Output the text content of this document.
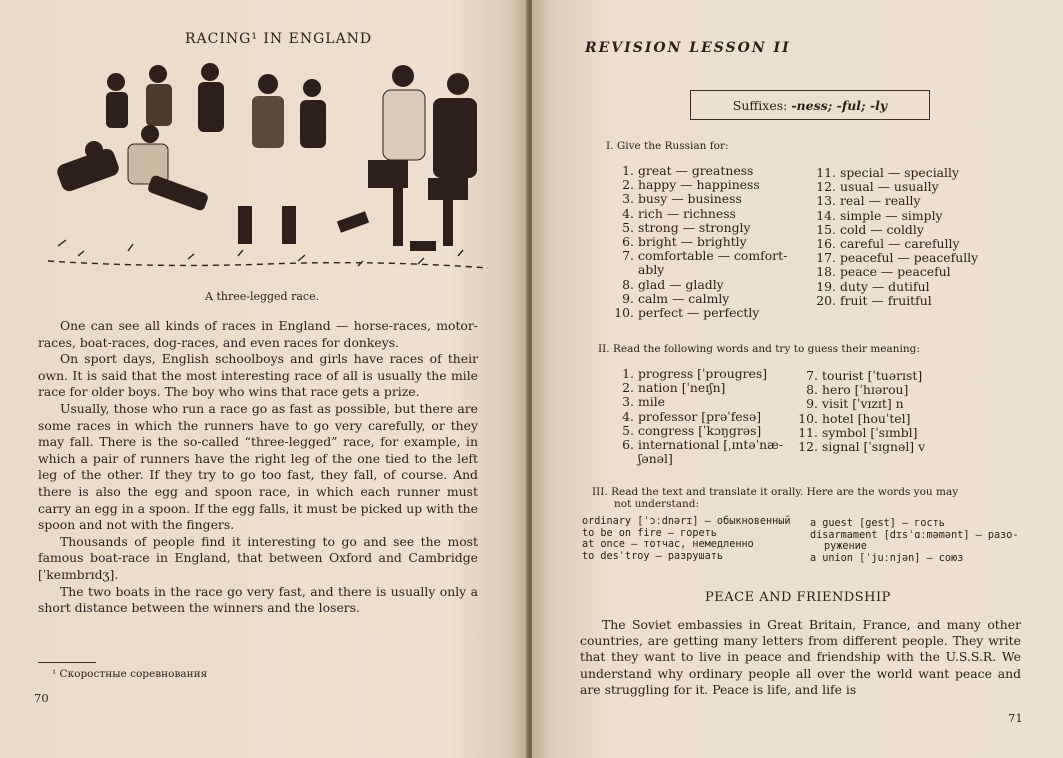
RACING¹ IN ENGLAND
A three-legged race.

One can see all kinds of races in England — horse-races, motor-races, boat-races, dog-races, and even races for donkeys.

On sport days, English schoolboys and girls have races of their own. It is said that the most interesting race of all is usually the mile race for older boys. The boy who wins that race gets a prize.

Usually, those who run a race go as fast as possible, but there are some races in which the runners have to go very carefully, or they may fall. There is the so-called “three-legged” race, for example, in which a pair of runners have the right leg of the one tied to the left leg of the other. If they try to go too fast, they fall, of course. And there is also the egg and spoon race, in which each runner must carry an egg in a spoon. If the egg falls, it must be picked up with the spoon and not with the fingers.

Thousands of people find it interesting to go and see the most famous boat-race in England, that between Oxford and Cambridge [ˈkeɪmbrɪdʒ].

The two boats in the race go very fast, and there is usually only a short distance between the winners and the losers.

¹ Скоростные соревнования
70
REVISION LESSON II
Suffixes: -ness; -ful; -ly
I. Give the Russian for:
1. great — greatness
2. happy — happiness
3. busy — business
4. rich — richness
5. strong — strongly
6. bright — brightly
7. comfortable — comfort-
ably
8. glad — gladly
9. calm — calmly
10. perfect — perfectly
11. special — specially
12. usual — usually
13. real — really
14. simple — simply
15. cold — coldly
16. careful — carefully
17. peaceful — peacefully
18. peace — peaceful
19. duty — dutiful
20. fruit — fruitful
II. Read the following words and try to guess their meaning:
1. progress [ˈprougres]
2. nation [ˈneɪʃn]
3. mile
4. professor [prəˈfesə]
5. congress [ˈkɔŋgrəs]
6. international [ˌɪntəˈnæ-
ʃənəl]
7. tourist [ˈtuərɪst]
8. hero [ˈhɪərou]
9. visit [ˈvɪzɪt] n
10. hotel [houˈtel]
11. symbol [ˈsɪmbl]
12. signal [ˈsɪgnəl] v
III. Read the text and translate it orally. Here are the words you may
not understand:
ordinary [ˈɔːdnərɪ] — обыкновенный
to be on fire — гореть
at once — тотчас, немедленно
to desˈtroy — разрушать
a guest [gest] — гость
disarmament [dɪsˈɑːməmənt] — разо-
ружение
a union [ˈjuːnjən] — союз
PEACE AND FRIENDSHIP

The Soviet embassies in Great Britain, France, and many other countries, are getting many letters from different people. They write that they want to live in peace and friendship with the U.S.S.R. We understand why ordinary people all over the world want peace and are struggling for it. Peace is life, and life is

71
